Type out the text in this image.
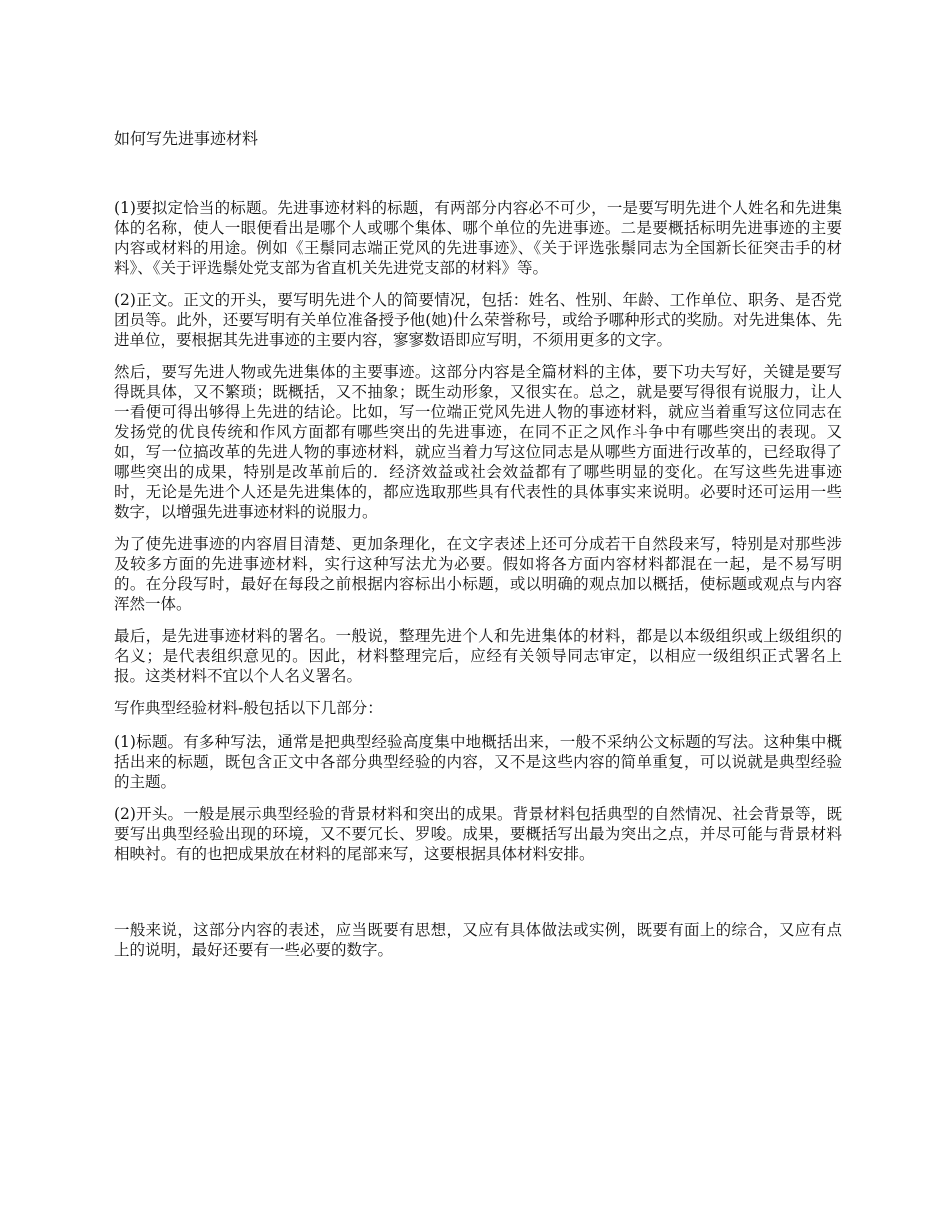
如何写先进事迹材料

(1)要拟定恰当的标题。先进事迹材料的标题，有两部分内容必不可少，一是要写明先进个人姓名和先进集体的名称，使人一眼便看出是哪个人或哪个集体、哪个单位的先进事迹。二是要概括标明先进事迹的主要内容或材料的用途。例如《王鬃同志端正党风的先进事迹》、《关于评选张鬃同志为全国新长征突击手的材料》、《关于评选鬃处党支部为省直机关先进党支部的材料》等。

(2)正文。正文的开头，要写明先进个人的简要情况，包括：姓名、性别、年龄、工作单位、职务、是否党团员等。此外，还要写明有关单位准备授予他(她)什么荣誉称号，或给予哪种形式的奖励。对先进集体、先进单位，要根据其先进事迹的主要内容，寥寥数语即应写明，不须用更多的文字。

然后，要写先进人物或先进集体的主要事迹。这部分内容是全篇材料的主体，要下功夫写好，关键是要写得既具体，又不繁琐；既概括，又不抽象；既生动形象，又很实在。总之，就是要写得很有说服力，让人一看便可得出够得上先进的结论。比如，写一位端正党风先进人物的事迹材料，就应当着重写这位同志在发扬党的优良传统和作风方面都有哪些突出的先进事迹，在同不正之风作斗争中有哪些突出的表现。又如，写一位搞改革的先进人物的事迹材料，就应当着力写这位同志是从哪些方面进行改革的，已经取得了哪些突出的成果，特别是改革前后的．经济效益或社会效益都有了哪些明显的变化。在写这些先进事迹时，无论是先进个人还是先进集体的，都应选取那些具有代表性的具体事实来说明。必要时还可运用一些数字，以增强先进事迹材料的说服力。

为了使先进事迹的内容眉目清楚、更加条理化，在文字表述上还可分成若干自然段来写，特别是对那些涉及较多方面的先进事迹材料，实行这种写法尤为必要。假如将各方面内容材料都混在一起，是不易写明的。在分段写时，最好在每段之前根据内容标出小标题，或以明确的观点加以概括，使标题或观点与内容浑然一体。

最后，是先进事迹材料的署名。一般说，整理先进个人和先进集体的材料，都是以本级组织或上级组织的名义；是代表组织意见的。因此，材料整理完后，应经有关领导同志审定，以相应一级组织正式署名上报。这类材料不宜以个人名义署名。

写作典型经验材料-般包括以下几部分：

(1)标题。有多种写法，通常是把典型经验高度集中地概括出来，一般不采纳公文标题的写法。这种集中概括出来的标题，既包含正文中各部分典型经验的内容，又不是这些内容的简单重复，可以说就是典型经验的主题。

(2)开头。一般是展示典型经验的背景材料和突出的成果。背景材料包括典型的自然情况、社会背景等，既要写出典型经验出现的环境，又不要冗长、罗唆。成果，要概括写出最为突出之点，并尽可能与背景材料相映衬。有的也把成果放在材料的尾部来写，这要根据具体材料安排。

一般来说，这部分内容的表述，应当既要有思想，又应有具体做法或实例，既要有面上的综合，又应有点上的说明，最好还要有一些必要的数字。
